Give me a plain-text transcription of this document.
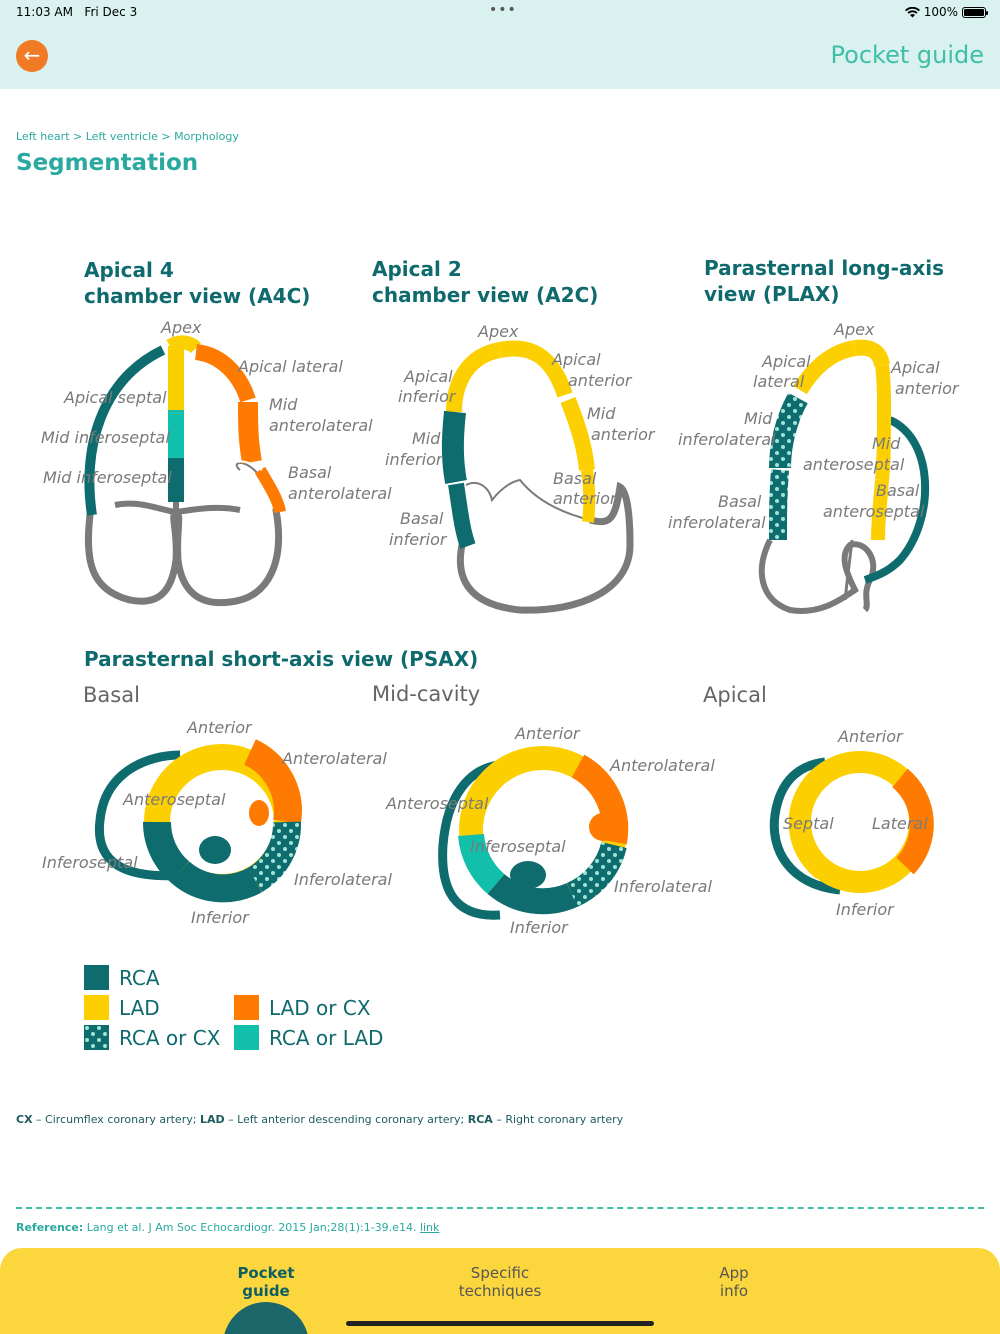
11:03 AM Fri Dec 3	•••	100%
←	Pocket guide
Left heart > Left ventricle > Morphology
Segmentation
Apical 4
chamber view (A4C)
Apical 2
chamber view (A2C)
Parasternal long-axis
view (PLAX)
Parasternal short-axis view (PSAX)
Basal	Mid-cavity	Apical
Apex
Apical lateral
Apical septal	Mid
anterolateral
Mid inferoseptal
Mid inferoseptal	Basal
anterolateral
Apex
Apical
anterior
Apical
inferior
Mid
anterior
Mid
inferior
Basal
anterior
Basal
inferior
Apex
Apical
lateral
Apical
anterior
Mid
inferolateral	Mid
anteroseptal
Basal
Basal
inferolateral
anteroseptal
Anterior
Anterolateral
Anteroseptal
Inferoseptal
Inferolateral
Inferior
Anterior
Anterolateral
Anteroseptal
Inferoseptal
Inferolateral
Inferior
Anterior
Septal Lateral
Inferior
RCA
LAD
RCA or CX
LAD or CX
RCA or LAD
CX – Circumflex coronary artery; LAD – Left anterior descending coronary artery; RCA – Right coronary artery
Reference: Lang et al. J Am Soc Echocardiogr. 2015 Jan;28(1):1-39.e14. link
Pocket
guide
Specific
techniques
App
info
